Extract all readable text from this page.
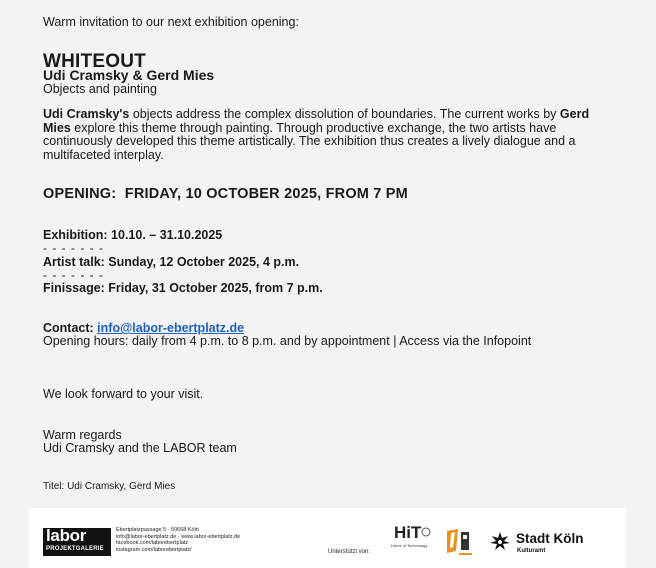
Warm invitation to our next exhibition opening:
WHITEOUT
Udi Cramsky & Gerd Mies
Objects and painting
Udi Cramsky's objects address the complex dissolution of boundaries. The current works by Gerd Mies explore this theme through painting. Through productive exchange, the two artists have continuously developed this theme artistically. The exhibition thus creates a lively dialogue and a multifaceted interplay.
OPENING:  FRIDAY, 10 OCTOBER 2025, FROM 7 PM
Exhibition: 10.10. – 31.10.2025
- - - - - - -
Artist talk: Sunday, 12 October 2025, 4 p.m.
- - - - - - -
Finissage: Friday, 31 October 2025, from 7 p.m.
Contact: info@labor-ebertplatz.de
Opening hours: daily from 4 p.m. to 8 p.m. and by appointment | Access via the Infopoint
We look forward to your visit.
Warm regards
Udi Cramsky and the LABOR team
Titel: Udi Cramsky, Gerd Mies
labor
PROJEKTGALERIE
Ebertplatzpassage 5 · 50668 Köln
info@labor-ebertplatz.de · www.labor-ebertplatz.de
facebook.com/laborebertplatz
instagram.com/laborebertplatz/	Unterstützt von:
HiT
Home of Technology	Stadt Köln
Kulturamt
